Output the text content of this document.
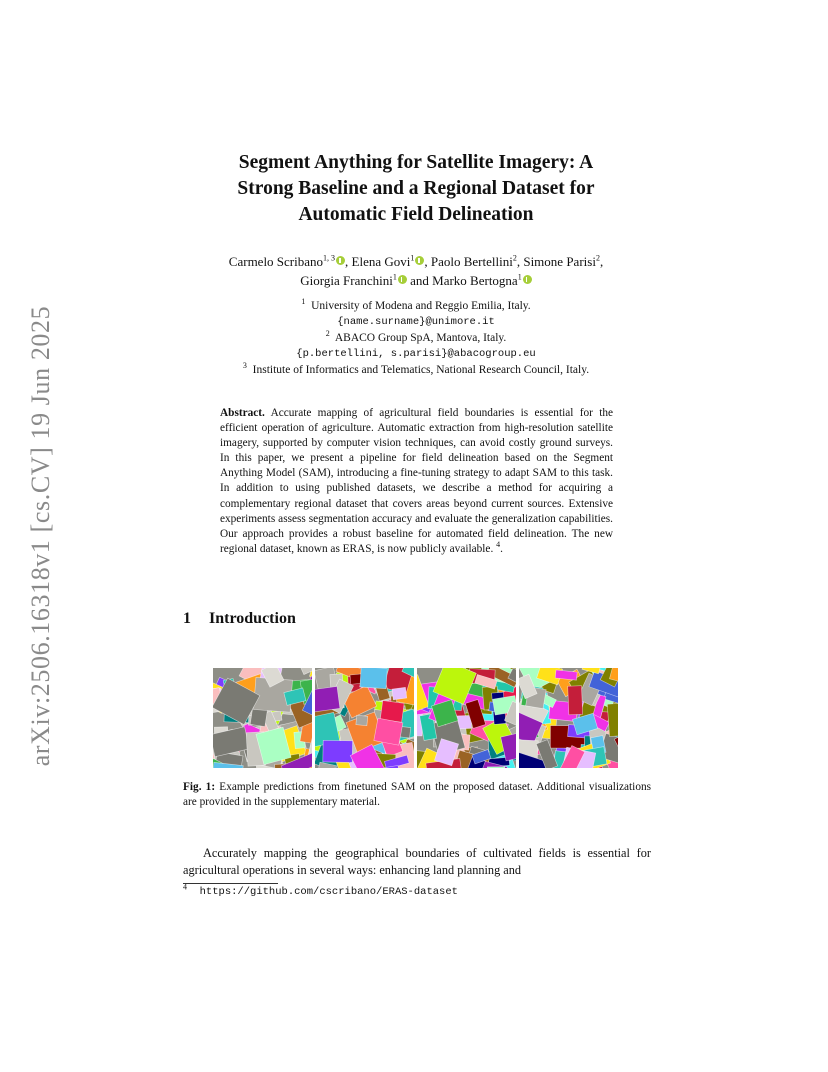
arXiv:2506.16318v1 [cs.CV] 19 Jun 2025
Segment Anything for Satellite Imagery: A
Strong Baseline and a Regional Dataset for
Automatic Field Delineation
Carmelo Scribano$^{1, 3}$ , Elena Govi$^1$ , Paolo Bertellini$^2$, Simone Parisi$^2$,
Giorgia Franchini$^1$ and Marko Bertogna$^1$
$^1$ University of Modena and Reggio Emilia, Italy.
{name.surname}@unimore.it
$^2$ ABACO Group SpA, Mantova, Italy.
{p.bertellini, s.parisi}@abacogroup.eu
$^3$ Institute of Informatics and Telematics, National Research Council, Italy.
Abstract. Accurate mapping of agricultural field boundaries is essential for the efficient operation of agriculture. Automatic extraction from high-resolution satellite imagery, supported by computer vision techniques, can avoid costly ground surveys. In this paper, we present a pipeline for field delineation based on the Segment Anything Model (SAM), introducing a fine-tuning strategy to adapt SAM to this task. In addition to using published datasets, we describe a method for acquiring a complementary regional dataset that covers areas beyond current sources. Extensive experiments assess segmentation accuracy and evaluate the generalization capabilities. Our approach provides a robust baseline for automated field delineation. The new regional dataset, known as ERAS, is now publicly available. $^4$.
1 Introduction
Fig. 1: Example predictions from finetuned SAM on the proposed dataset. Additional visualizations are provided in the supplementary material.
Accurately mapping the geographical boundaries of cultivated fields is essential for agricultural operations in several ways: enhancing land planning and
$^4$ https://github.com/cscribano/ERAS-dataset
